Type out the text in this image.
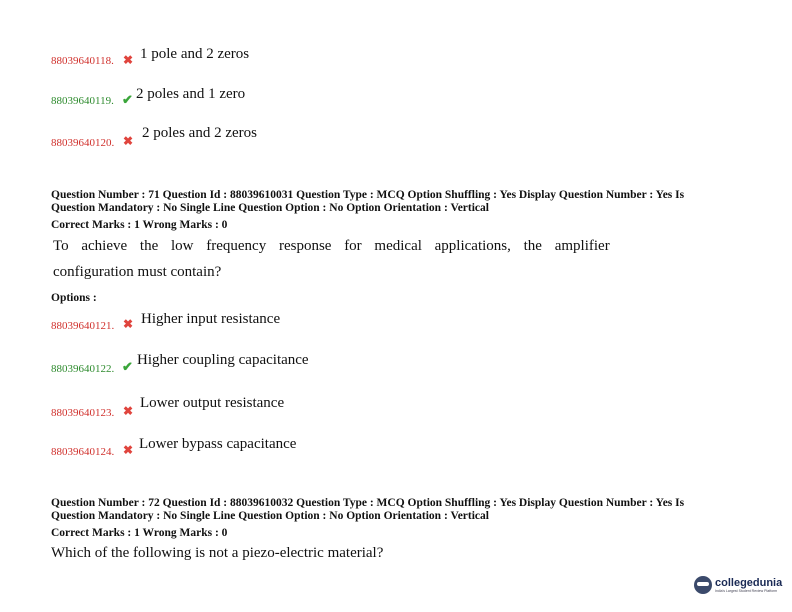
88039640118. ✖ 1 pole and 2 zeros
88039640119. ✔ 2 poles and 1 zero
88039640120. ✖ 2 poles and 2 zeros
Question Number : 71 Question Id : 88039610031 Question Type : MCQ Option Shuffling : Yes Display Question Number : Yes Is
Question Mandatory : No Single Line Question Option : No Option Orientation : Vertical
Correct Marks : 1 Wrong Marks : 0
To achieve the low frequency response for medical applications, the amplifier
configuration must contain?
Options :
88039640121. ✖ Higher input resistance
88039640122. ✔ Higher coupling capacitance
88039640123. ✖ Lower output resistance
88039640124. ✖ Lower bypass capacitance
Question Number : 72 Question Id : 88039610032 Question Type : MCQ Option Shuffling : Yes Display Question Number : Yes Is
Question Mandatory : No Single Line Question Option : No Option Orientation : Vertical
Correct Marks : 1 Wrong Marks : 0
Which of the following is not a piezo-electric material?
collegedunia
India's Largest Student Review Platform
